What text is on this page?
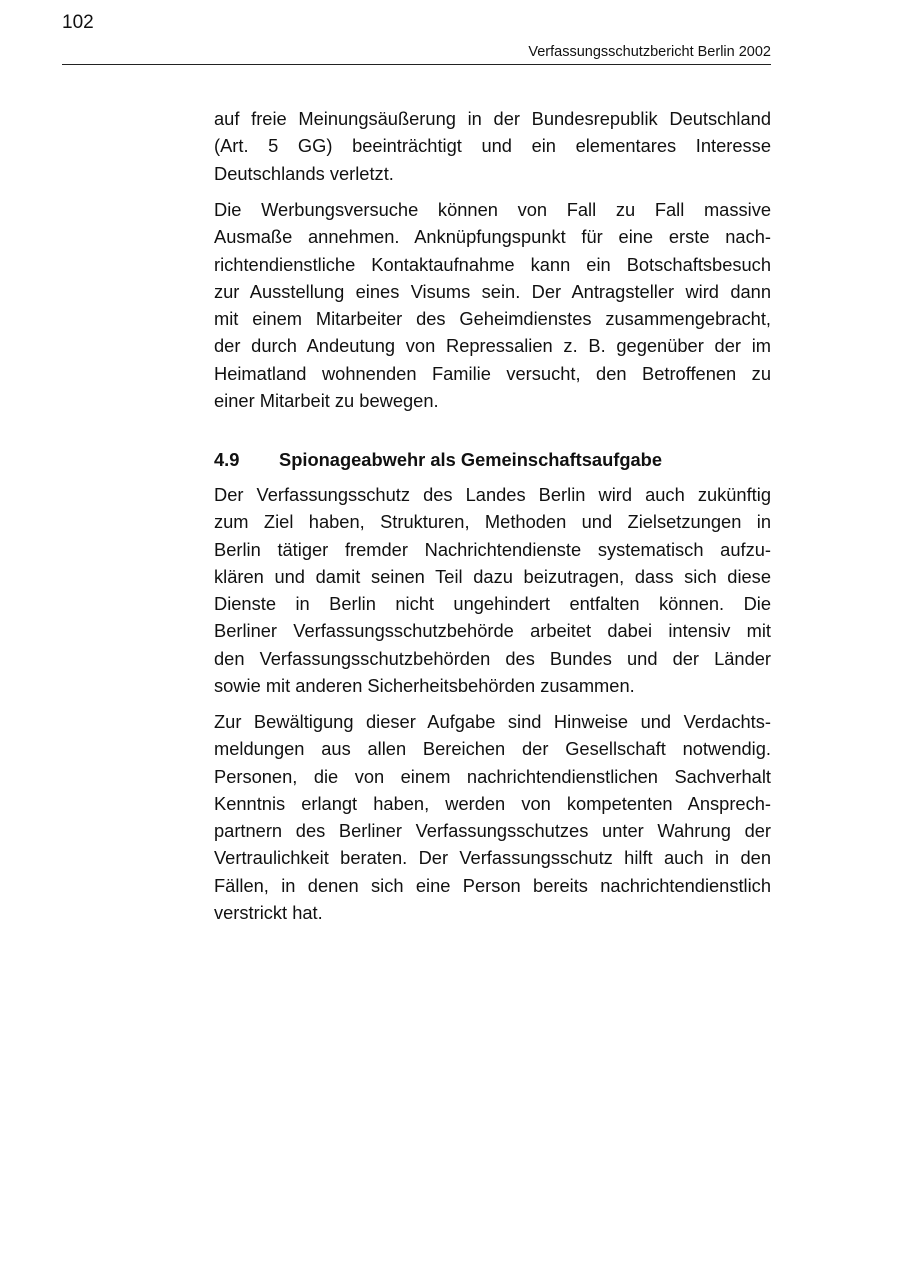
102
Verfassungsschutzbericht Berlin 2002
auf freie Meinungsäußerung in der Bundesrepublik Deutschland
(Art. 5 GG) beeinträchtigt und ein elementares Interesse
Deutschlands verletzt.
Die Werbungsversuche können von Fall zu Fall massive
Ausmaße annehmen. Anknüpfungspunkt für eine erste nach-
richtendienstliche Kontaktaufnahme kann ein Botschaftsbesuch
zur Ausstellung eines Visums sein. Der Antragsteller wird dann
mit einem Mitarbeiter des Geheimdienstes zusammengebracht,
der durch Andeutung von Repressalien z. B. gegenüber der im
Heimatland wohnenden Familie versucht, den Betroffenen zu
einer Mitarbeit zu bewegen.
4.9 Spionageabwehr als Gemeinschaftsaufgabe
Der Verfassungsschutz des Landes Berlin wird auch zukünftig
zum Ziel haben, Strukturen, Methoden und Zielsetzungen in
Berlin tätiger fremder Nachrichtendienste systematisch aufzu-
klären und damit seinen Teil dazu beizutragen, dass sich diese
Dienste in Berlin nicht ungehindert entfalten können. Die
Berliner Verfassungsschutzbehörde arbeitet dabei intensiv mit
den Verfassungsschutzbehörden des Bundes und der Länder
sowie mit anderen Sicherheitsbehörden zusammen.
Zur Bewältigung dieser Aufgabe sind Hinweise und Verdachts-
meldungen aus allen Bereichen der Gesellschaft notwendig.
Personen, die von einem nachrichtendienstlichen Sachverhalt
Kenntnis erlangt haben, werden von kompetenten Ansprech-
partnern des Berliner Verfassungsschutzes unter Wahrung der
Vertraulichkeit beraten. Der Verfassungsschutz hilft auch in den
Fällen, in denen sich eine Person bereits nachrichtendienstlich
verstrickt hat.
